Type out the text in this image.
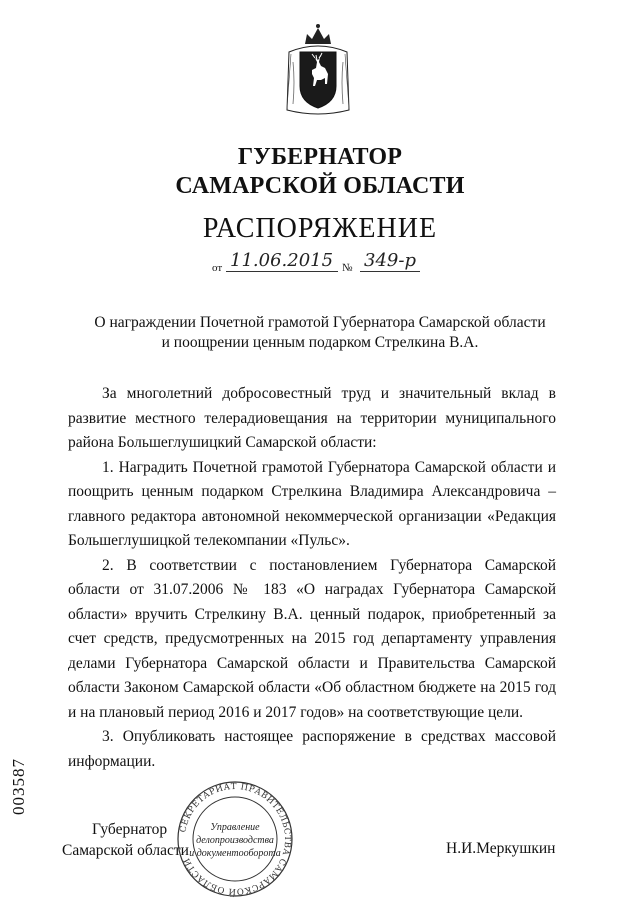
ГУБЕРНАТОР
САМАРСКОЙ ОБЛАСТИ
РАСПОРЯЖЕНИЕ
от 11.06.2015 № 349-р
О награждении Почетной грамотой Губернатора Самарской области
и поощрении ценным подарком Стрелкина В.А.

За многолетний добросовестный труд и значительный вклад в развитие местного телерадиовещания на территории муниципального района Большеглушицкий Самарской области:

1. Наградить Почетной грамотой Губернатора Самарской области и поощрить ценным подарком Стрелкина Владимира Александровича – главного редактора автономной некоммерческой организации «Редакция Большеглушицкой телекомпании «Пульс».

2. В соответствии с постановлением Губернатора Самарской области от 31.07.2006 № 183 «О наградах Губернатора Самарской области» вручить Стрелкину В.А. ценный подарок, приобретенный за счет средств, предусмотренных на 2015 год департаменту управления делами Губернатора Самарской области и Правительства Самарской области Законом Самарской области «Об областном бюджете на 2015 год и на плановый период 2016 и 2017 годов» на соответствующие цели.

3. Опубликовать настоящее распоряжение в средствах массовой информации.

Губернатор
Самарской области	Н.И.Меркушкин
003587
СЕКРЕТАРИАТ ПРАВИТЕЛЬСТВА САМАРСКОЙ ОБЛАСТИ
Управление
делопроизводства
и документооборота
